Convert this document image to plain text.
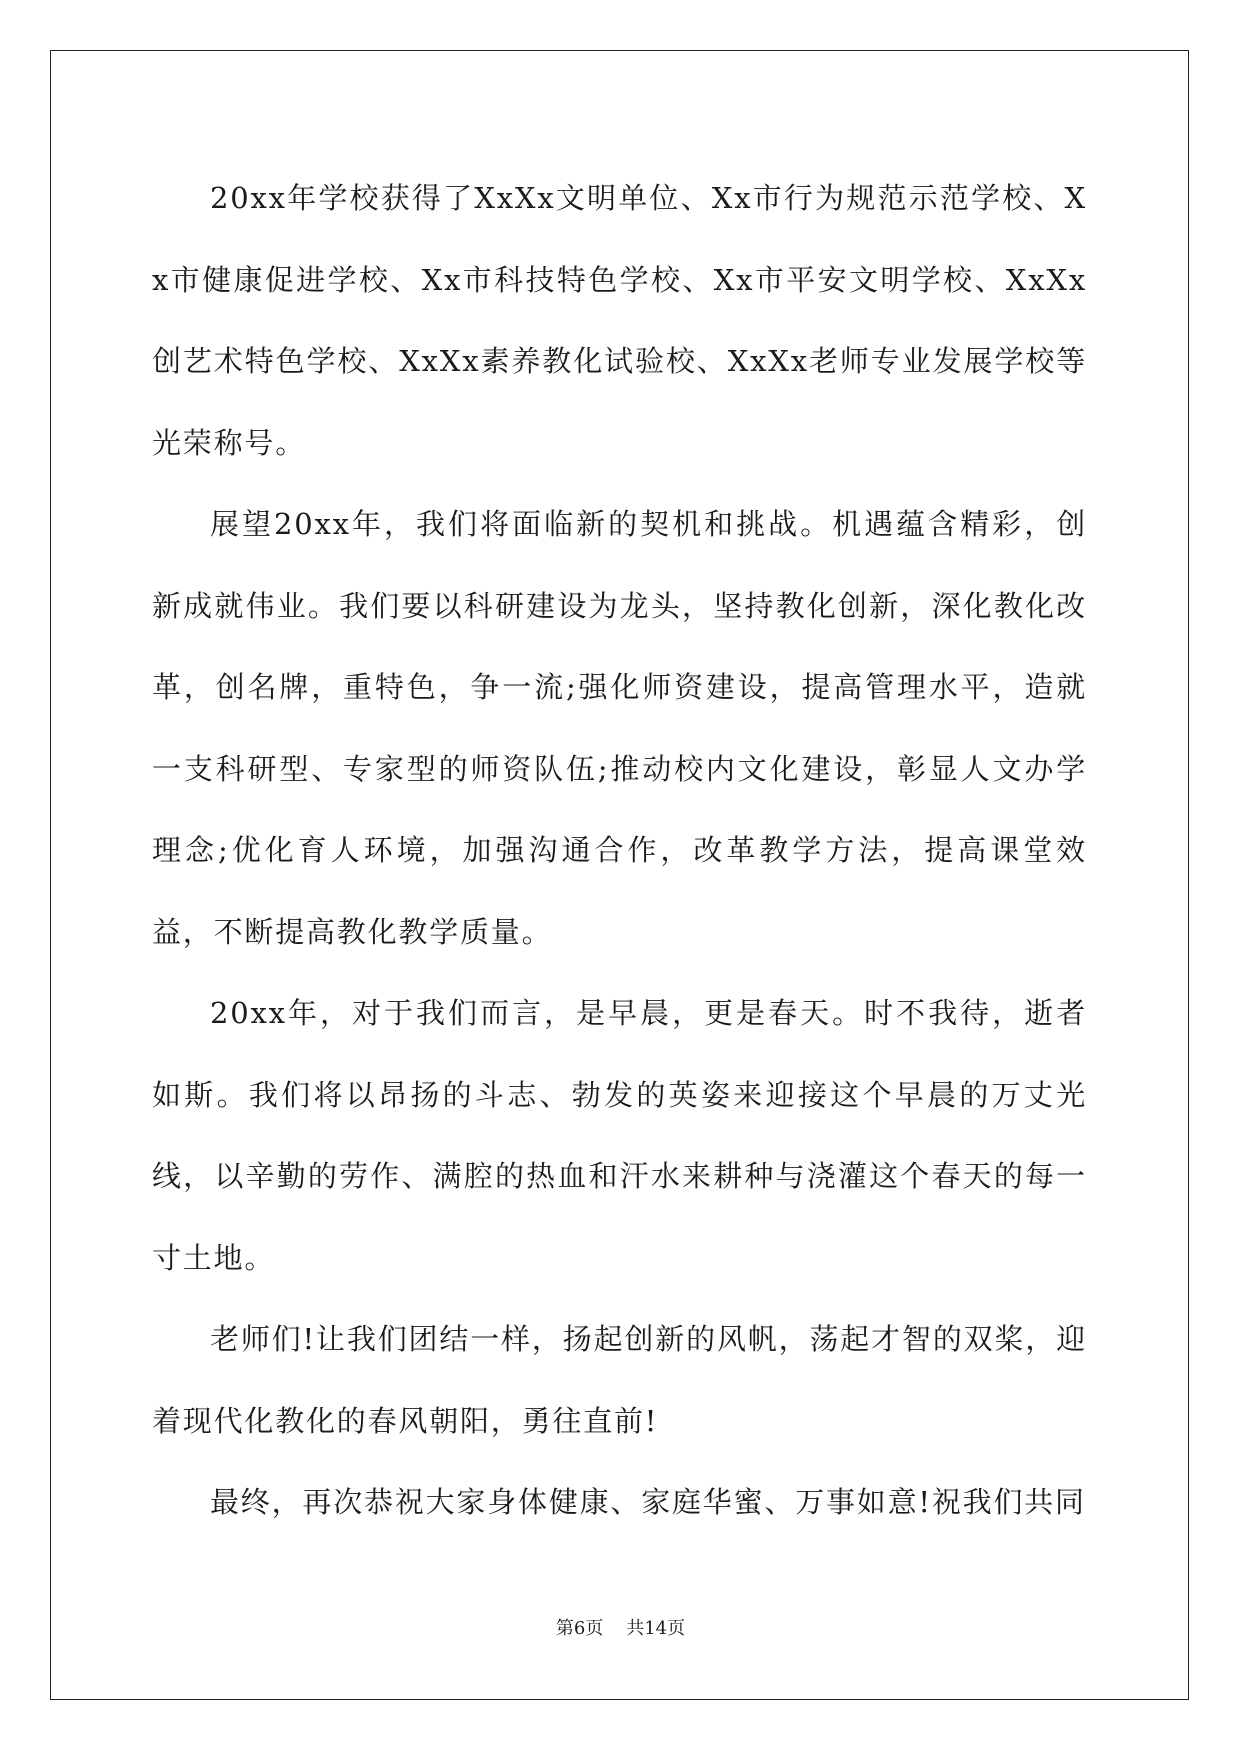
20xx年学校获得了XxXx文明单位、Xx市行为规范示范学校、Xx市健康促进学校、Xx市科技特色学校、Xx市平安文明学校、XxXx创艺术特色学校、XxXx素养教化试验校、XxXx老师专业发展学校等光荣称号。

展望20xx年，我们将面临新的契机和挑战。机遇蕴含精彩，创新成就伟业。我们要以科研建设为龙头，坚持教化创新，深化教化改革，创名牌，重特色，争一流;强化师资建设，提高管理水平，造就一支科研型、专家型的师资队伍;推动校内文化建设，彰显人文办学理念;优化育人环境，加强沟通合作，改革教学方法，提高课堂效益，不断提高教化教学质量。

20xx年，对于我们而言，是早晨，更是春天。时不我待，逝者如斯。我们将以昂扬的斗志、勃发的英姿来迎接这个早晨的万丈光线，以辛勤的劳作、满腔的热血和汗水来耕种与浇灌这个春天的每一寸土地。

老师们!让我们团结一样，扬起创新的风帆，荡起才智的双桨，迎着现代化教化的春风朝阳，勇往直前!

最终，再次恭祝大家身体健康、家庭华蜜、万事如意!祝我们共同

第6页    共14页
